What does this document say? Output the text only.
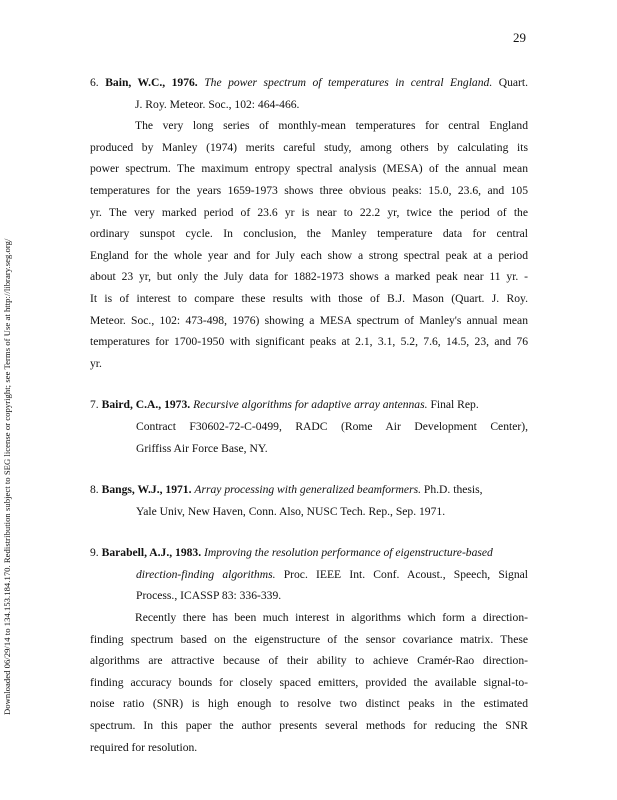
29
Downloaded 06/29/14 to 134.153.184.170. Redistribution subject to SEG license or copyright; see Terms of Use at http://library.seg.org/
6. Bain, W.C., 1976. The power spectrum of temperatures in central England. Quart.
J. Roy. Meteor. Soc., 102: 464-466.
The very long series of monthly-mean temperatures for central England
produced by Manley (1974) merits careful study, among others by calculating its
power spectrum. The maximum entropy spectral analysis (MESA) of the annual mean
temperatures for the years 1659-1973 shows three obvious peaks: 15.0, 23.6, and 105
yr. The very marked period of 23.6 yr is near to 22.2 yr, twice the period of the
ordinary sunspot cycle. In conclusion, the Manley temperature data for central
England for the whole year and for July each show a strong spectral peak at a period
about 23 yr, but only the July data for 1882-1973 shows a marked peak near 11 yr. -
It is of interest to compare these results with those of B.J. Mason (Quart. J. Roy.
Meteor. Soc., 102: 473-498, 1976) showing a MESA spectrum of Manley's annual mean
temperatures for 1700-1950 with significant peaks at 2.1, 3.1, 5.2, 7.6, 14.5, 23, and 76
yr.
7. Baird, C.A., 1973. Recursive algorithms for adaptive array antennas. Final Rep.
Contract F30602-72-C-0499, RADC (Rome Air Development Center),
Griffiss Air Force Base, NY.
8. Bangs, W.J., 1971. Array processing with generalized beamformers. Ph.D. thesis,
Yale Univ, New Haven, Conn. Also, NUSC Tech. Rep., Sep. 1971.
9. Barabell, A.J., 1983. Improving the resolution performance of eigenstructure-based
direction-finding algorithms. Proc. IEEE Int. Conf. Acoust., Speech, Signal
Process., ICASSP 83: 336-339.
Recently there has been much interest in algorithms which form a direction-
finding spectrum based on the eigenstructure of the sensor covariance matrix. These
algorithms are attractive because of their ability to achieve Cramér-Rao direction-
finding accuracy bounds for closely spaced emitters, provided the available signal-to-
noise ratio (SNR) is high enough to resolve two distinct peaks in the estimated
spectrum. In this paper the author presents several methods for reducing the SNR
required for resolution.
